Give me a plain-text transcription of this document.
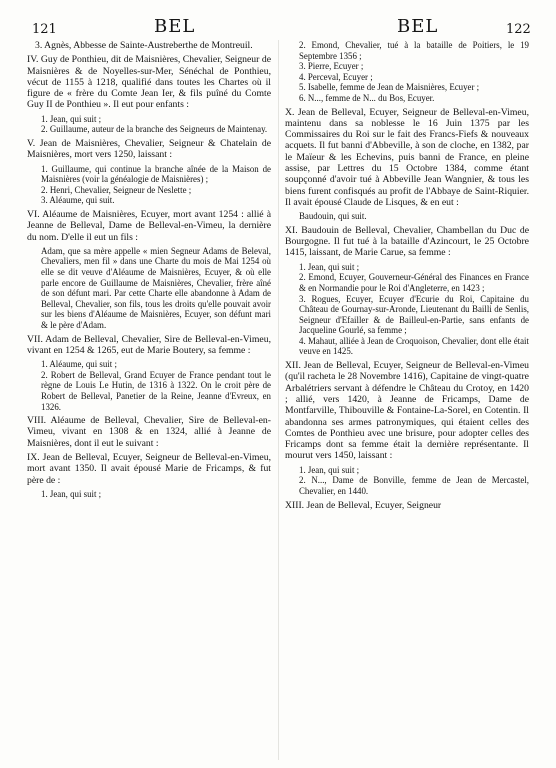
121	BEL	BEL	122
3. Agnès, Abbesse de Sainte-Austreberthe de Montreuil.
IV. Guy de Ponthieu, dit de Maisnières, Chevalier, Seigneur de Maisnières & de Noyelles-sur-Mer, Sénéchal de Ponthieu, vécut de 1155 à 1218, qualifié dans toutes les Chartes où il figure de « frère du Comte Jean Ier, & fils puîné du Comte Guy II de Ponthieu ». Il eut pour enfants :
1. Jean, qui suit ;
2. Guillaume, auteur de la branche des Seigneurs de Maintenay.
V. Jean de Maisnières, Chevalier, Seigneur & Chatelain de Maisnières, mort vers 1250, laissant :
1. Guillaume, qui continue la branche aînée de la Maison de Maisnières (voir la généalogie de Maisnières) ;
2. Henri, Chevalier, Seigneur de Neslette ;
3. Aléaume, qui suit.
VI. Aléaume de Maisnières, Ecuyer, mort avant 1254 : allié à Jeanne de Belleval, Dame de Belleval-en-Vimeu, la dernière du nom. D'elle il eut un fils :
Adam, que sa mère appelle « mien Segneur Adams de Beleval, Chevaliers, men fil » dans une Charte du mois de Mai 1254 où elle se dit veuve d'Aléaume de Maisnières, Ecuyer, & où elle parle encore de Guillaume de Maisnières, Chevalier, frère aîné de son défunt mari. Par cette Charte elle abandonne à Adam de Belleval, Chevalier, son fils, tous les droits qu'elle pouvait avoir sur les biens d'Aléaume de Maisnières, Ecuyer, son défunt mari & le père d'Adam.
VII. Adam de Belleval, Chevalier, Sire de Belleval-en-Vimeu, vivant en 1254 & 1265, eut de Marie Boutery, sa femme :
1. Aléaume, qui suit ;
2. Robert de Belleval, Grand Ecuyer de France pendant tout le règne de Louis Le Hutin, de 1316 à 1322. On le croit père de Robert de Belleval, Panetier de la Reine, Jeanne d'Evreux, en 1326.
VIII. Aléaume de Belleval, Chevalier, Sire de Belleval-en-Vimeu, vivant en 1308 & en 1324, allié à Jeanne de Maisnières, dont il eut le suivant :
IX. Jean de Belleval, Ecuyer, Seigneur de Belleval-en-Vimeu, mort avant 1350. Il avait épousé Marie de Fricamps, & fut père de :
1. Jean, qui suit ;
2. Emond, Chevalier, tué à la bataille de Poitiers, le 19 Septembre 1356 ;
3. Pierre, Ecuyer ;
4. Perceval, Ecuyer ;
5. Isabelle, femme de Jean de Maisnières, Ecuyer ;
6. N..., femme de N... du Bos, Ecuyer.
X. Jean de Belleval, Ecuyer, Seigneur de Belleval-en-Vimeu, maintenu dans sa noblesse le 16 Juin 1375 par les Commissaires du Roi sur le fait des Francs-Fiefs & nouveaux acquets. Il fut banni d'Abbeville, à son de cloche, en 1382, par le Maïeur & les Echevins, puis banni de France, en pleine assise, par Lettres du 15 Octobre 1384, comme étant soupçonné d'avoir tué à Abbeville Jean Wangnier, & tous les biens furent confisqués au profit de l'Abbaye de Saint-Riquier. Il avait épousé Claude de Lisques, & en eut :
Baudouin, qui suit.
XI. Baudouin de Belleval, Chevalier, Chambellan du Duc de Bourgogne. Il fut tué à la bataille d'Azincourt, le 25 Octobre 1415, laissant, de Marie Carue, sa femme :
1. Jean, qui suit ;
2. Emond, Ecuyer, Gouverneur-Général des Finances en France & en Normandie pour le Roi d'Angleterre, en 1423 ;
3. Rogues, Ecuyer, Ecuyer d'Ecurie du Roi, Capitaine du Château de Gournay-sur-Aronde, Lieutenant du Bailli de Senlis, Seigneur d'Efailler & de Bailleul-en-Partie, sans enfants de Jacqueline Gourlé, sa femme ;
4. Mahaut, alliée à Jean de Croquoison, Chevalier, dont elle était veuve en 1425.
XII. Jean de Belleval, Ecuyer, Seigneur de Belleval-en-Vimeu (qu'il racheta le 28 Novembre 1416), Capitaine de vingt-quatre Arbalétriers servant à défendre le Château du Crotoy, en 1420 ; allié, vers 1420, à Jeanne de Fricamps, Dame de Montfarville, Thibouville & Fontaine-La-Sorel, en Cotentin. Il abandonna ses armes patronymiques, qui étaient celles des Comtes de Ponthieu avec une brisure, pour adopter celles des Fricamps dont sa femme était la dernière représentante. Il mourut vers 1450, laissant :
1. Jean, qui suit ;
2. N..., Dame de Bonville, femme de Jean de Mercastel, Chevalier, en 1440.
XIII. Jean de Belleval, Ecuyer, Seigneur
